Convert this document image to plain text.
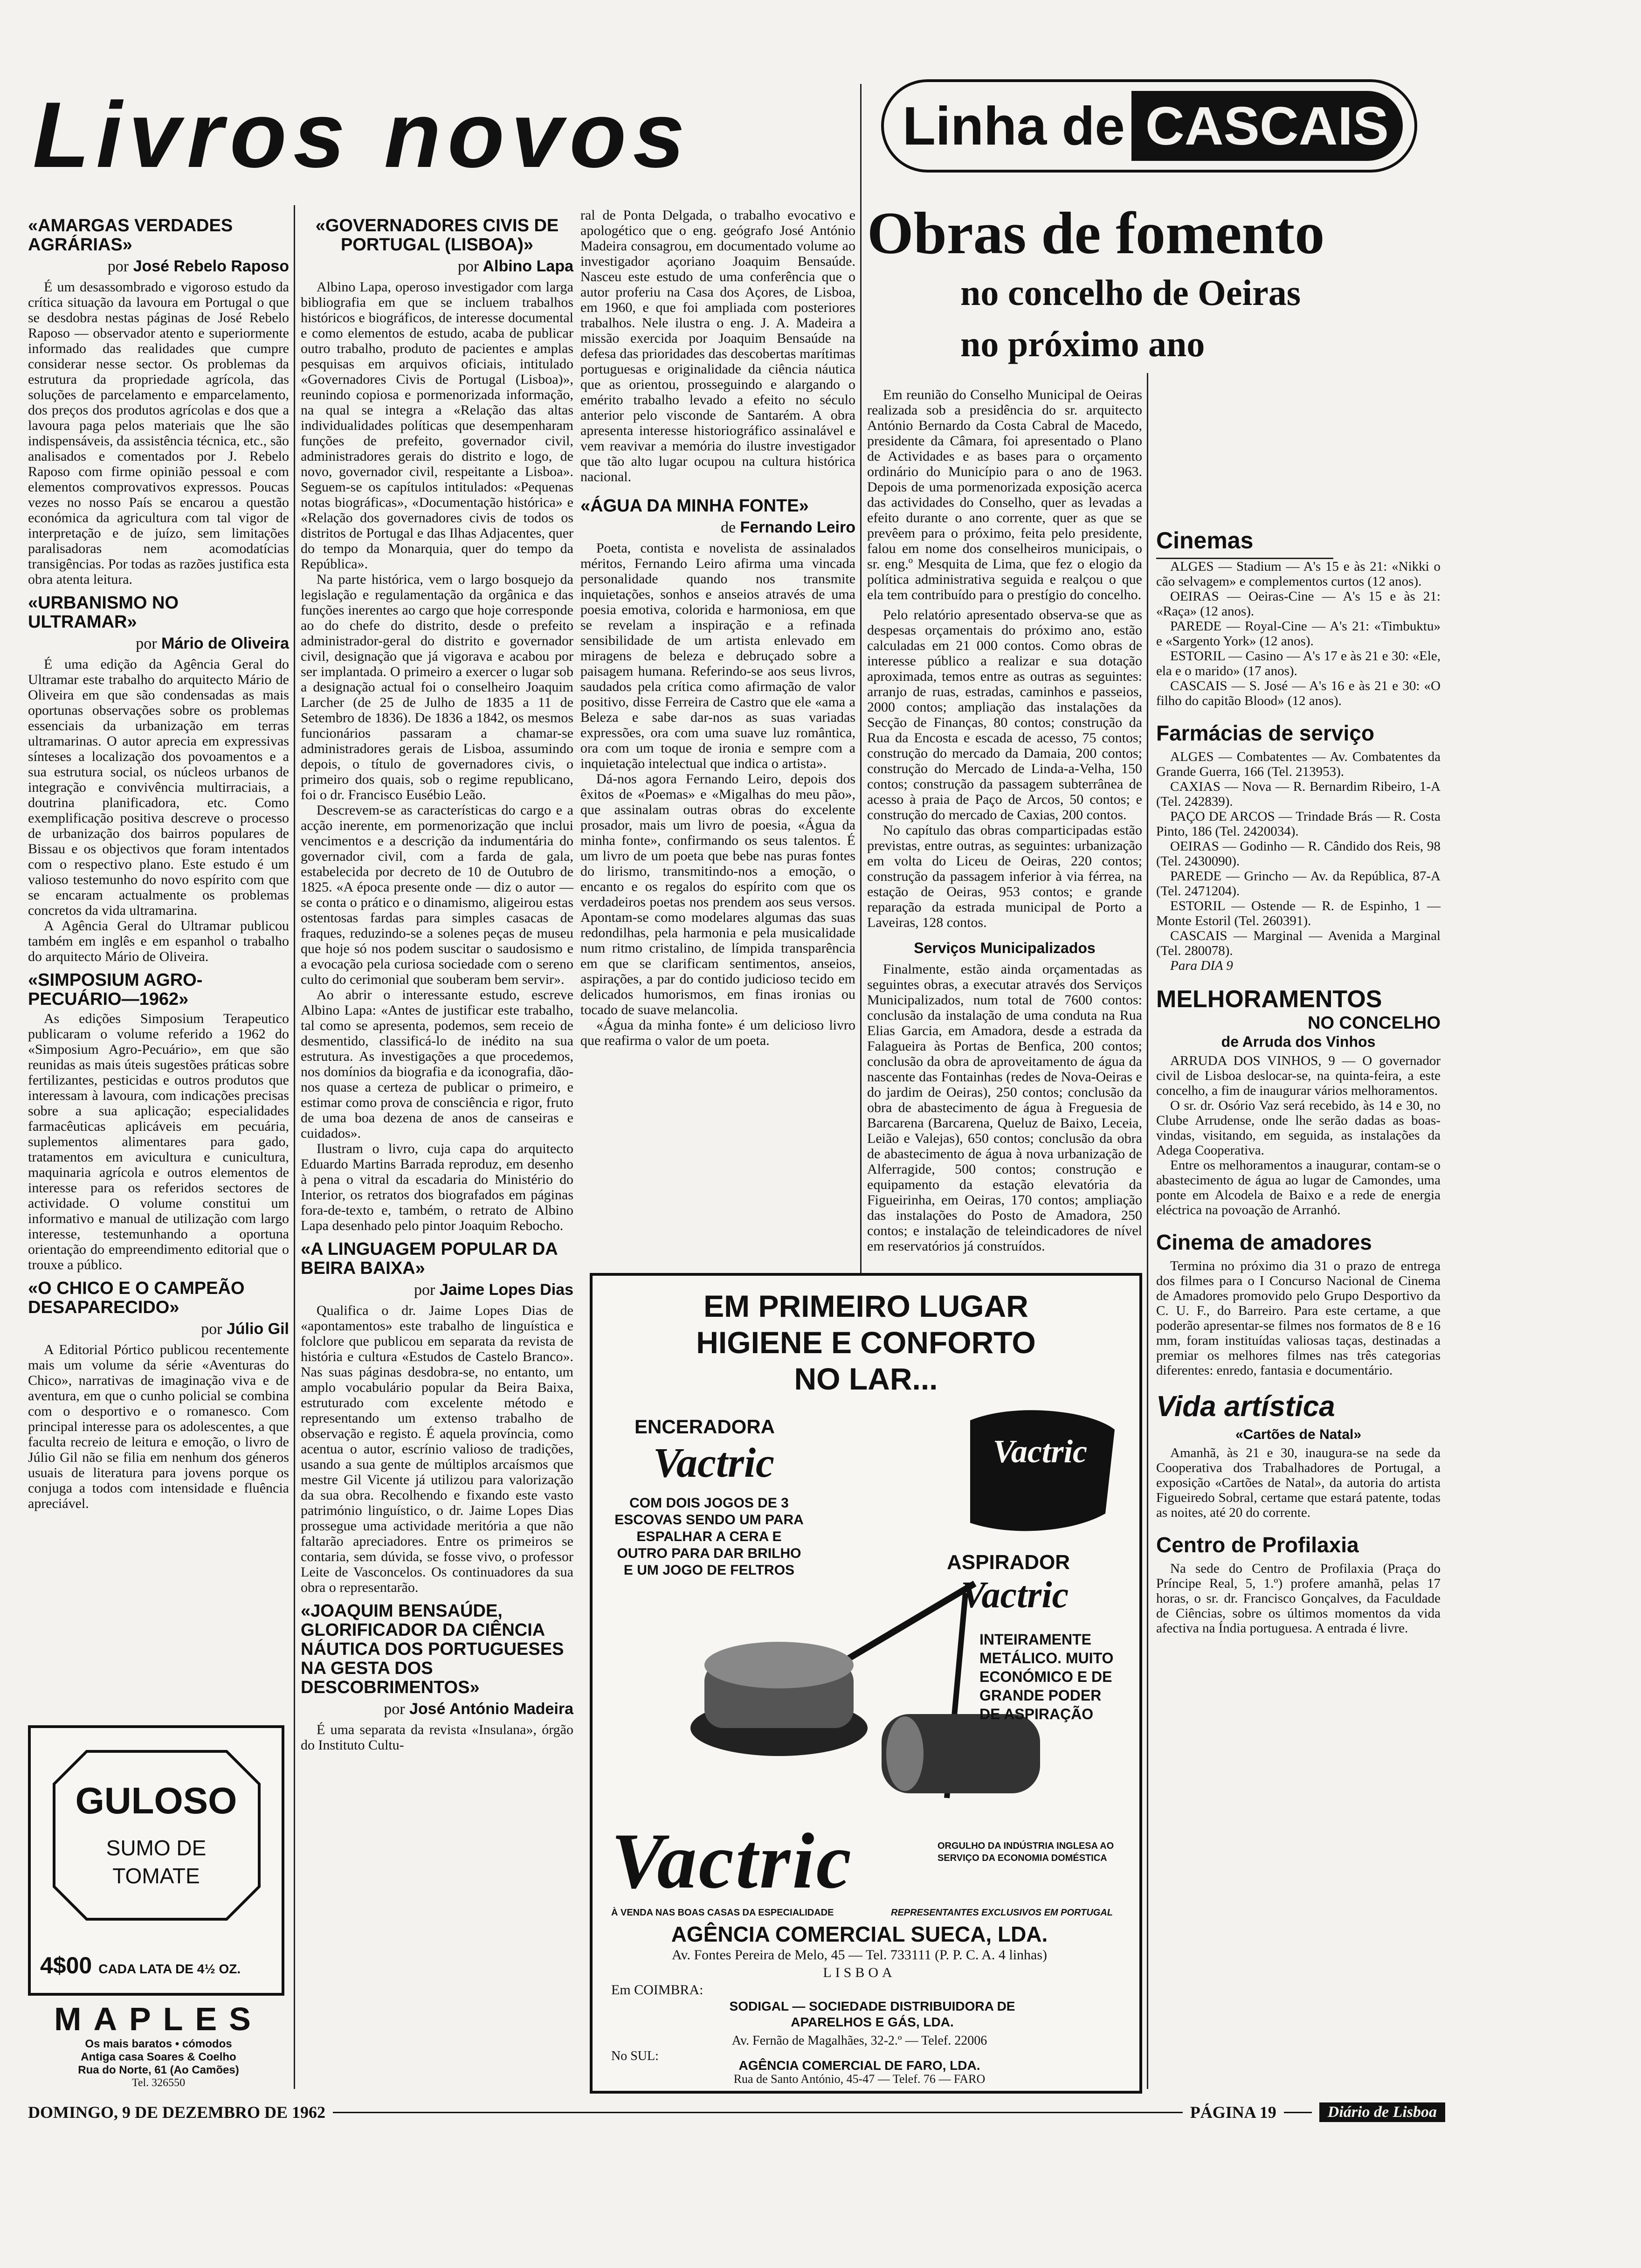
Livros novos	Linha de CASCAIS
«AMARGAS VERDADES AGRÁRIAS»
por José Rebelo Raposo

É um desassombrado e vigoroso estudo da crítica situação da lavoura em Portugal o que se desdobra nestas páginas de José Rebelo Raposo — observador atento e superiormente informado das realidades que cumpre considerar nesse sector. Os problemas da estrutura da propriedade agrícola, das soluções de parcelamento e emparcelamento, dos preços dos produtos agrícolas e dos que a lavoura paga pelos materiais que lhe são indispensáveis, da assistência técnica, etc., são analisados e comentados por J. Rebelo Raposo com firme opinião pessoal e com elementos comprovativos expressos. Poucas vezes no nosso País se encarou a questão económica da agricultura com tal vigor de interpretação e de juízo, sem limitações paralisadoras nem acomodatícias transigências. Por todas as razões justifica esta obra atenta leitura.

«URBANISMO NO ULTRAMAR»
por Mário de Oliveira

É uma edição da Agência Geral do Ultramar este trabalho do arquitecto Mário de Oliveira em que são condensadas as mais oportunas observações sobre os problemas essenciais da urbanização em terras ultramarinas. O autor aprecia em expressivas sínteses a localização dos povoamentos e a sua estrutura social, os núcleos urbanos de integração e convivência multirraciais, a doutrina planificadora, etc. Como exemplificação positiva descreve o processo de urbanização dos bairros populares de Bissau e os objectivos que foram intentados com o respectivo plano. Este estudo é um valioso testemunho do novo espírito com que se encaram actualmente os problemas concretos da vida ultramarina.

A Agência Geral do Ultramar publicou também em inglês e em espanhol o trabalho do arquitecto Mário de Oliveira.

«SIMPOSIUM AGRO-PECUÁRIO—1962»

As edições Simposium Terapeutico publicaram o volume referido a 1962 do «Simposium Agro-Pecuário», em que são reunidas as mais úteis sugestões práticas sobre fertilizantes, pesticidas e outros produtos que interessam à lavoura, com indicações precisas sobre a sua aplicação; especialidades farmacêuticas aplicáveis em pecuária, suplementos alimentares para gado, tratamentos em avicultura e cunicultura, maquinaria agrícola e outros elementos de interesse para os referidos sectores de actividade. O volume constitui um informativo e manual de utilização com largo interesse, testemunhando a oportuna orientação do empreendimento editorial que o trouxe a público.

«O CHICO E O CAMPEÃO DESAPARECIDO»
por Júlio Gil

A Editorial Pórtico publicou recentemente mais um volume da série «Aventuras do Chico», narrativas de imaginação viva e de aventura, em que o cunho policial se combina com o desportivo e o romanesco. Com principal interesse para os adolescentes, a que faculta recreio de leitura e emoção, o livro de Júlio Gil não se filia em nenhum dos géneros usuais de literatura para jovens porque os conjuga a todos com intensidade e fluência apreciável.

GULOSO
SUMO DE
TOMATE
4$00 CADA LATA DE 4½ OZ.
MAPLES
Os mais baratos • cómodos
Antiga casa Soares & Coelho
Rua do Norte, 61 (Ao Camões)
Tel. 326550
«GOVERNADORES CIVIS DE PORTUGAL (LISBOA)»
por Albino Lapa

Albino Lapa, operoso investigador com larga bibliografia em que se incluem trabalhos históricos e biográficos, de interesse documental e como elementos de estudo, acaba de publicar outro trabalho, produto de pacientes e amplas pesquisas em arquivos oficiais, intitulado «Governadores Civis de Portugal (Lisboa)», reunindo copiosa e pormenorizada informação, na qual se integra a «Relação das altas individualidades políticas que desempenharam funções de prefeito, governador civil, administradores gerais do distrito e logo, de novo, governador civil, respeitante a Lisboa». Seguem-se os capítulos intitulados: «Pequenas notas biográficas», «Documentação histórica» e «Relação dos governadores civis de todos os distritos de Portugal e das Ilhas Adjacentes, quer do tempo da Monarquia, quer do tempo da República».

Na parte histórica, vem o largo bosquejo da legislação e regulamentação da orgânica e das funções inerentes ao cargo que hoje corresponde ao do chefe do distrito, desde o prefeito administrador-geral do distrito e governador civil, designação que já vigorava e acabou por ser implantada. O primeiro a exercer o lugar sob a designação actual foi o conselheiro Joaquim Larcher (de 25 de Julho de 1835 a 11 de Setembro de 1836). De 1836 a 1842, os mesmos funcionários passaram a chamar-se administradores gerais de Lisboa, assumindo depois, o título de governadores civis, o primeiro dos quais, sob o regime republicano, foi o dr. Francisco Eusébio Leão.

Descrevem-se as características do cargo e a acção inerente, em pormenorização que inclui vencimentos e a descrição da indumentária do governador civil, com a farda de gala, estabelecida por decreto de 10 de Outubro de 1825. «A época presente onde — diz o autor — se conta o prático e o dinamismo, aligeirou estas ostentosas fardas para simples casacas de fraques, reduzindo-se a solenes peças de museu que hoje só nos podem suscitar o saudosismo e a evocação pela curiosa sociedade com o sereno culto do cerimonial que souberam bem servir».

Ao abrir o interessante estudo, escreve Albino Lapa: «Antes de justificar este trabalho, tal como se apresenta, podemos, sem receio de desmentido, classificá-lo de inédito na sua estrutura. As investigações a que procedemos, nos domínios da biografia e da iconografia, dão-nos quase a certeza de publicar o primeiro, e estimar como prova de consciência e rigor, fruto de uma boa dezena de anos de canseiras e cuidados».

Ilustram o livro, cuja capa do arquitecto Eduardo Martins Barrada reproduz, em desenho à pena o vitral da escadaria do Ministério do Interior, os retratos dos biografados em páginas fora-de-texto e, também, o retrato de Albino Lapa desenhado pelo pintor Joaquim Rebocho.

«A LINGUAGEM POPULAR DA BEIRA BAIXA»
por Jaime Lopes Dias

Qualifica o dr. Jaime Lopes Dias de «apontamentos» este trabalho de linguística e folclore que publicou em separata da revista de história e cultura «Estudos de Castelo Branco». Nas suas páginas desdobra-se, no entanto, um amplo vocabulário popular da Beira Baixa, estruturado com excelente método e representando um extenso trabalho de observação e registo. É aquela província, como acentua o autor, escrínio valioso de tradições, usando a sua gente de múltiplos arcaísmos que mestre Gil Vicente já utilizou para valorização da sua obra. Recolhendo e fixando este vasto património linguístico, o dr. Jaime Lopes Dias prossegue uma actividade meritória a que não faltarão apreciadores. Entre os primeiros se contaria, sem dúvida, se fosse vivo, o professor Leite de Vasconcelos. Os continuadores da sua obra o representarão.

«JOAQUIM BENSAÚDE, GLORIFICADOR DA CIÊNCIA NÁUTICA DOS PORTUGUESES NA GESTA DOS DESCOBRIMENTOS»
por José António Madeira

É uma separata da revista «Insulana», órgão do Instituto Cultu-

ral de Ponta Delgada, o trabalho evocativo e apologético que o eng. geógrafo José António Madeira consagrou, em documentado volume ao investigador açoriano Joaquim Bensaúde. Nasceu este estudo de uma conferência que o autor proferiu na Casa dos Açores, de Lisboa, em 1960, e que foi ampliada com posteriores trabalhos. Nele ilustra o eng. J. A. Madeira a missão exercida por Joaquim Bensaúde na defesa das prioridades das descobertas marítimas portuguesas e originalidade da ciência náutica que as orientou, prosseguindo e alargando o emérito trabalho levado a efeito no século anterior pelo visconde de Santarém. A obra apresenta interesse historiográfico assinalável e vem reavivar a memória do ilustre investigador que tão alto lugar ocupou na cultura histórica nacional.

«ÁGUA DA MINHA FONTE»
de Fernando Leiro

Poeta, contista e novelista de assinalados méritos, Fernando Leiro afirma uma vincada personalidade quando nos transmite inquietações, sonhos e anseios através de uma poesia emotiva, colorida e harmoniosa, em que se revelam a inspiração e a refinada sensibilidade de um artista enlevado em miragens de beleza e debruçado sobre a paisagem humana. Referindo-se aos seus livros, saudados pela crítica como afirmação de valor positivo, disse Ferreira de Castro que ele «ama a Beleza e sabe dar-nos as suas variadas expressões, ora com uma suave luz romântica, ora com um toque de ironia e sempre com a inquietação intelectual que indica o artista».

Dá-nos agora Fernando Leiro, depois dos êxitos de «Poemas» e «Migalhas do meu pão», que assinalam outras obras do excelente prosador, mais um livro de poesia, «Água da minha fonte», confirmando os seus talentos. É um livro de um poeta que bebe nas puras fontes do lirismo, transmitindo-nos a emoção, o encanto e os regalos do espírito com que os verdadeiros poetas nos prendem aos seus versos. Apontam-se como modelares algumas das suas redondilhas, pela harmonia e pela musicalidade num ritmo cristalino, de límpida transparência em que se clarificam sentimentos, anseios, aspirações, a par do contido judicioso tecido em delicados humorismos, em finas ironias ou tocado de suave melancolia.

«Água da minha fonte» é um delicioso livro que reafirma o valor de um poeta.

Obras de fomento
no concelho de Oeiras
no próximo ano

Em reunião do Conselho Municipal de Oeiras realizada sob a presidência do sr. arquitecto António Bernardo da Costa Cabral de Macedo, presidente da Câmara, foi apresentado o Plano de Actividades e as bases para o orçamento ordinário do Município para o ano de 1963. Depois de uma pormenorizada exposição acerca das actividades do Conselho, quer as levadas a efeito durante o ano corrente, quer as que se prevêem para o próximo, feita pelo presidente, falou em nome dos conselheiros municipais, o sr. eng.º Mesquita de Lima, que fez o elogio da política administrativa seguida e realçou o que ela tem contribuído para o prestígio do concelho.

Pelo relatório apresentado observa-se que as despesas orçamentais do próximo ano, estão calculadas em 21 000 contos. Como obras de interesse público a realizar e sua dotação aproximada, temos entre as outras as seguintes: arranjo de ruas, estradas, caminhos e passeios, 2000 contos; ampliação das instalações da Secção de Finanças, 80 contos; construção da Rua da Encosta e escada de acesso, 75 contos; construção do mercado da Damaia, 200 contos; construção do Mercado de Linda-a-Velha, 150 contos; construção da passagem subterrânea de acesso à praia de Paço de Arcos, 50 contos; e construção do mercado de Caxias, 200 contos.

No capítulo das obras comparticipadas estão previstas, entre outras, as seguintes: urbanização em volta do Liceu de Oeiras, 220 contos; construção da passagem inferior à via férrea, na estação de Oeiras, 953 contos; e grande reparação da estrada municipal de Porto a Laveiras, 128 contos.

Serviços Municipalizados

Finalmente, estão ainda orçamentadas as seguintes obras, a executar através dos Serviços Municipalizados, num total de 7600 contos: conclusão da instalação de uma conduta na Rua Elias Garcia, em Amadora, desde a estrada da Falagueira às Portas de Benfica, 200 contos; conclusão da obra de aproveitamento de água da nascente das Fontainhas (redes de Nova-Oeiras e do jardim de Oeiras), 250 contos; conclusão da obra de abastecimento de água à Freguesia de Barcarena (Barcarena, Queluz de Baixo, Leceia, Leião e Valejas), 650 contos; conclusão da obra de abastecimento de água à nova urbanização de Alferragide, 500 contos; construção e equipamento da estação elevatória da Figueirinha, em Oeiras, 170 contos; ampliação das instalações do Posto de Amadora, 250 contos; e instalação de teleindicadores de nível em reservatórios já construídos.

Cinemas

ALGES — Stadium — A's 15 e às 21: «Nikki o cão selvagem» e complementos curtos (12 anos).

OEIRAS — Oeiras-Cine — A's 15 e às 21: «Raça» (12 anos).

PAREDE — Royal-Cine — A's 21: «Timbuktu» e «Sargento York» (12 anos).

ESTORIL — Casino — A's 17 e às 21 e 30: «Ele, ela e o marido» (17 anos).

CASCAIS — S. José — A's 16 e às 21 e 30: «O filho do capitão Blood» (12 anos).

Farmácias de serviço

ALGES — Combatentes — Av. Combatentes da Grande Guerra, 166 (Tel. 213953).

CAXIAS — Nova — R. Bernardim Ribeiro, 1-A (Tel. 242839).

PAÇO DE ARCOS — Trindade Brás — R. Costa Pinto, 186 (Tel. 2420034).

OEIRAS — Godinho — R. Cândido dos Reis, 98 (Tel. 2430090).

PAREDE — Grincho — Av. da República, 87-A (Tel. 2471204).

ESTORIL — Ostende — R. de Espinho, 1 — Monte Estoril (Tel. 260391).

CASCAIS — Marginal — Avenida a Marginal (Tel. 280078).

Para DIA 9

MELHORAMENTOS
NO CONCELHO
de Arruda dos Vinhos

ARRUDA DOS VINHOS, 9 — O governador civil de Lisboa deslocar-se, na quinta-feira, a este concelho, a fim de inaugurar vários melhoramentos.

O sr. dr. Osório Vaz será recebido, às 14 e 30, no Clube Arrudense, onde lhe serão dadas as boas-vindas, visitando, em seguida, as instalações da Adega Cooperativa.

Entre os melhoramentos a inaugurar, contam-se o abastecimento de água ao lugar de Camondes, uma ponte em Alcodela de Baixo e a rede de energia eléctrica na povoação de Arranhó.

Cinema de amadores

Termina no próximo dia 31 o prazo de entrega dos filmes para o I Concurso Nacional de Cinema de Amadores promovido pelo Grupo Desportivo da C. U. F., do Barreiro. Para este certame, a que poderão apresentar-se filmes nos formatos de 8 e 16 mm, foram instituídas valiosas taças, destinadas a premiar os melhores filmes nas três categorias diferentes: enredo, fantasia e documentário.

Vida artística
«Cartões de Natal»

Amanhã, às 21 e 30, inaugura-se na sede da Cooperativa dos Trabalhadores de Portugal, a exposição «Cartões de Natal», da autoria do artista Figueiredo Sobral, certame que estará patente, todas as noites, até 20 do corrente.

Centro de Profilaxia

Na sede do Centro de Profilaxia (Praça do Príncipe Real, 5, 1.º) profere amanhã, pelas 17 horas, o sr. dr. Francisco Gonçalves, da Faculdade de Ciências, sobre os últimos momentos da vida afectiva na Índia portuguesa. A entrada é livre.

EM PRIMEIRO LUGAR
HIGIENE E CONFORTO
NO LAR...
ENCERADORA
Vactric
COM DOIS JOGOS DE 3 ESCOVAS SENDO UM PARA ESPALHAR A CERA E OUTRO PARA DAR BRILHO E UM JOGO DE FELTROS
Vactric
ASPIRADOR
Vactric
INTEIRAMENTE METÁLICO. MUITO ECONÓMICO E DE GRANDE PODER DE ASPIRAÇÃO
Vactric	ORGULHO DA INDÚSTRIA INGLESA AO SERVIÇO DA ECONOMIA DOMÉSTICA
À VENDA NAS BOAS CASAS DA ESPECIALIDADE	REPRESENTANTES EXCLUSIVOS EM PORTUGAL
AGÊNCIA COMERCIAL SUECA, LDA.
Av. Fontes Pereira de Melo, 45 — Tel. 733111 (P. P. C. A. 4 linhas)
LISBOA
Em COIMBRA:
SODIGAL — SOCIEDADE DISTRIBUIDORA DE APARELHOS E GÁS, LDA.
Av. Fernão de Magalhães, 32-2.º — Telef. 22006
No SUL:
AGÊNCIA COMERCIAL DE FARO, LDA.
Rua de Santo António, 45-47 — Telef. 76 — FARO
DOMINGO, 9 DE DEZEMBRO DE 1962	PÁGINA 19	Diário de Lisboa
